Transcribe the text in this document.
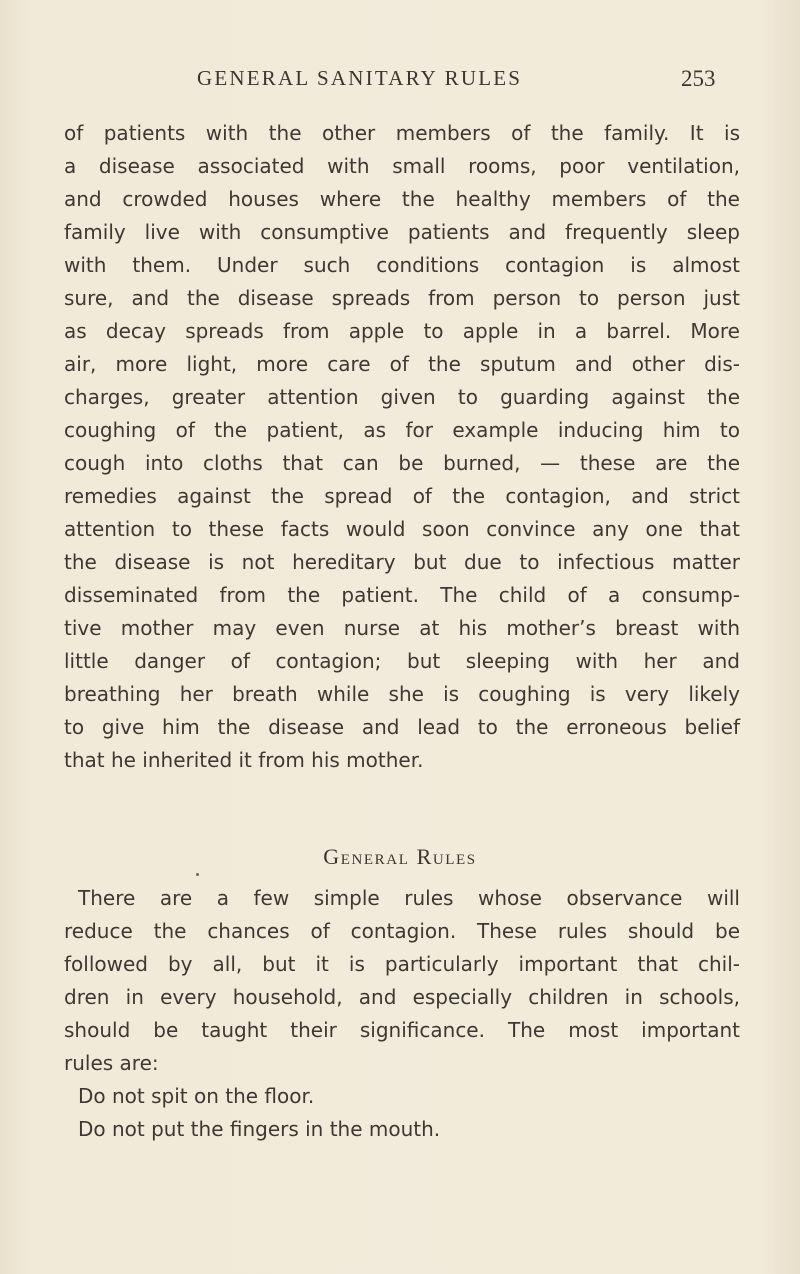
GENERAL SANITARY RULES	253
of patients with the other members of the family. It is
a disease associated with small rooms, poor ventilation,
and crowded houses where the healthy members of the
family live with consumptive patients and frequently sleep
with them. Under such conditions contagion is almost
sure, and the disease spreads from person to person just
as decay spreads from apple to apple in a barrel. More
air, more light, more care of the sputum and other dis-
charges, greater attention given to guarding against the
coughing of the patient, as for example inducing him to
cough into cloths that can be burned, — these are the
remedies against the spread of the contagion, and strict
attention to these facts would soon convince any one that
the disease is not hereditary but due to infectious matter
disseminated from the patient. The child of a consump-
tive mother may even nurse at his mother’s breast with
little danger of contagion; but sleeping with her and
breathing her breath while she is coughing is very likely
to give him the disease and lead to the erroneous belief
that he inherited it from his mother.
General Rules
There are a few simple rules whose observance will
reduce the chances of contagion. These rules should be
followed by all, but it is particularly important that chil-
dren in every household, and especially children in schools,
should be taught their significance. The most important
rules are:
Do not spit on the floor.
Do not put the fingers in the mouth.
